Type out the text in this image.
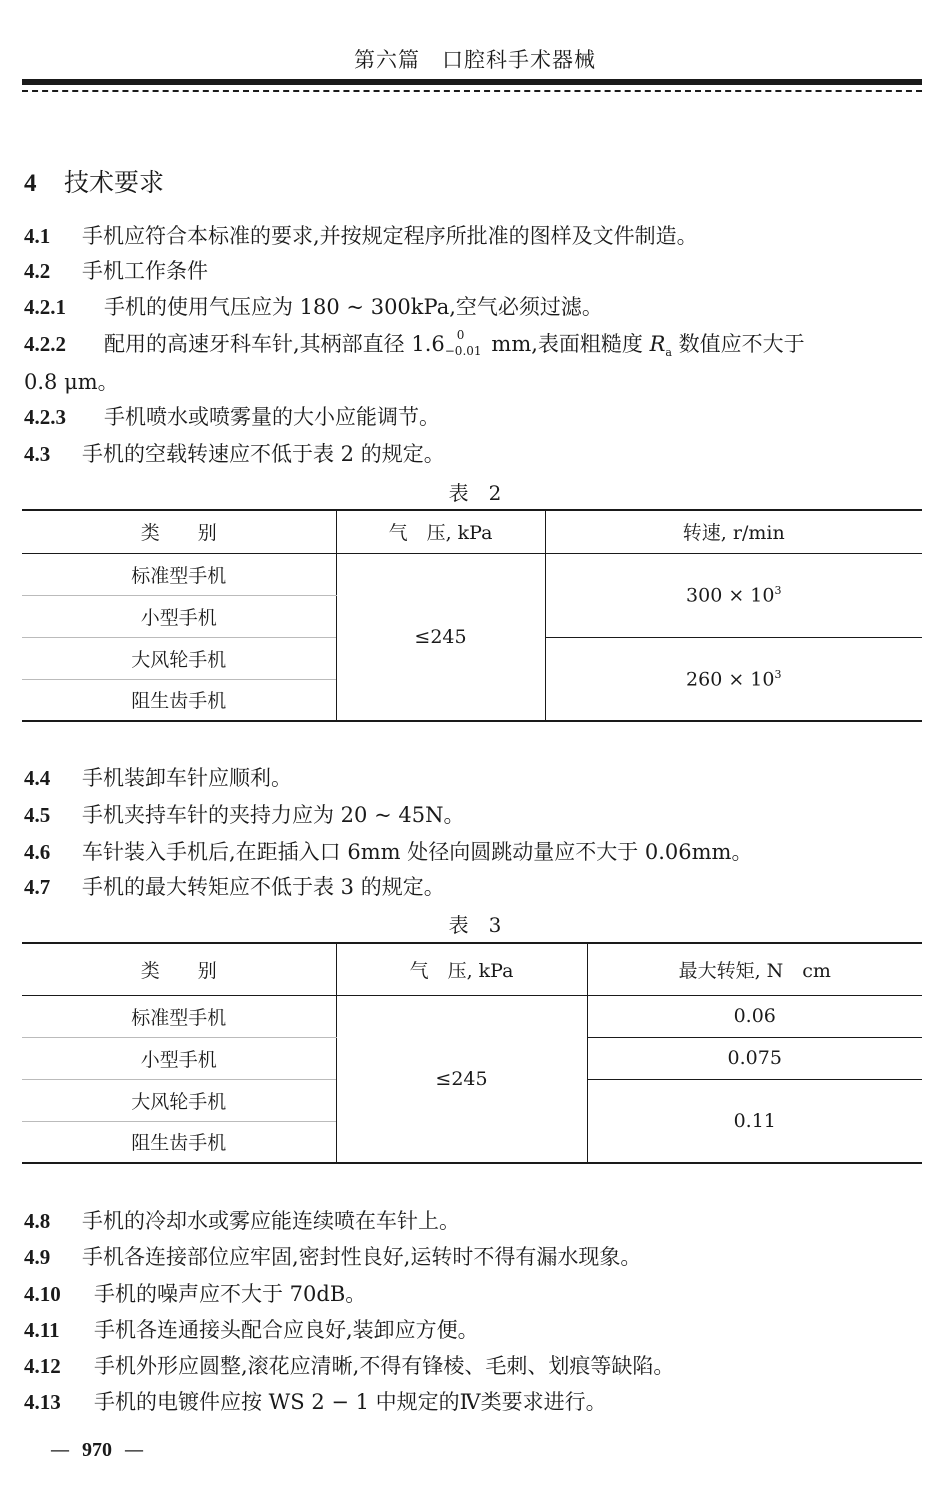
第六篇　口腔科手术器械
4 技术要求
4.1 手机应符合本标准的要求,并按规定程序所批准的图样及文件制造。
4.2 手机工作条件
4.2.1 手机的使用气压应为 180 ~ 300kPa,空气必须过滤。
4.2.2 配用的高速牙科车针,其柄部直径 1.6 0
−0.01 mm,表面粗糙度 $R_a$ 数值应不大于
0.8 μm。
4.2.3 手机喷水或喷雾量的大小应能调节。
4.3 手机的空载转速应不低于表 2 的规定。
表　2
类　　别	气　压, kPa	转速, r/min
标准型手机	≤245	$300 \times 10^3$
小型手机		
大风轮手机		$260 \times 10^3$
阻生齿手机		
4.4 手机装卸车针应顺利。
4.5 手机夹持车针的夹持力应为 20 ~ 45N。
4.6 车针装入手机后,在距插入口 6mm 处径向圆跳动量应不大于 0.06mm。
4.7 手机的最大转矩应不低于表 3 的规定。
表　3
类　　别	气　压, kPa	最大转矩, N　cm
标准型手机	≤245	0.06
小型手机		0.075
大风轮手机		0.11
阻生齿手机		
4.8 手机的冷却水或雾应能连续喷在车针上。
4.9 手机各连接部位应牢固,密封性良好,运转时不得有漏水现象。
4.10 手机的噪声应不大于 70dB。
4.11 手机各连通接头配合应良好,装卸应方便。
4.12 手机外形应圆整,滚花应清晰,不得有锋棱、毛刺、划痕等缺陷。
4.13 手机的电镀件应按 WS 2 − 1 中规定的Ⅳ类要求进行。
— 970 —
